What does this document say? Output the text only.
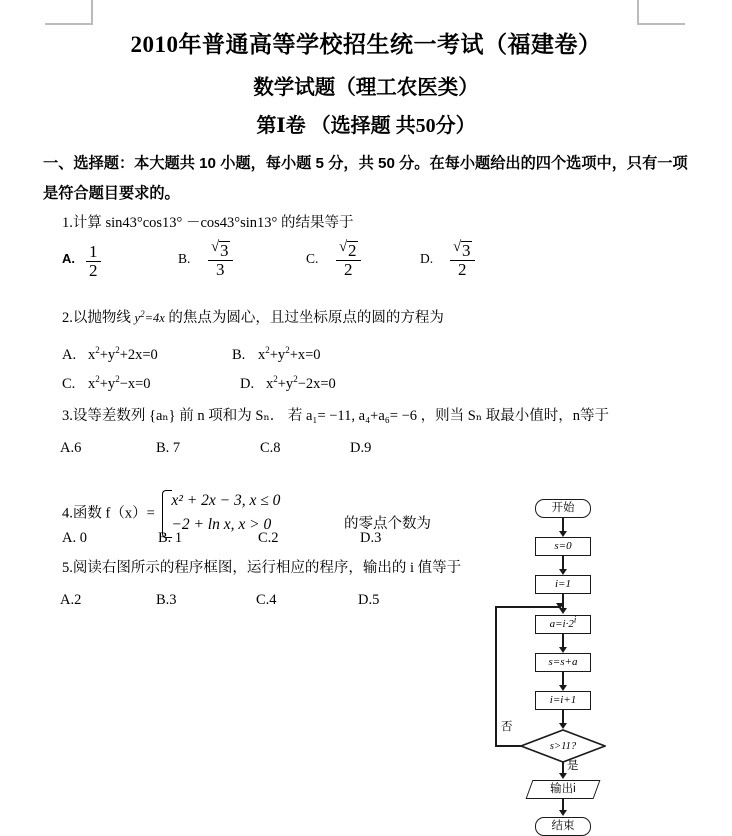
2010年普通高等学校招生统一考试（福建卷）
数学试题（理工农医类）
第Ⅰ卷 （选择题 共50分）
一、选择题：本大题共 10 小题，每小题 5 分，共 50 分。在每小题给出的四个选项中，只有一项是符合题目要求的。
1.计算 sin43°cos13° －cos43°sin13° 的结果等于
A. $\frac{1}{2}$	B. √ $\frac{3}{3}$	C. √ $\frac{2}{2}$	D. √ $\frac{3}{2}$
2.以抛物线 $y^2=4x$ 的焦点为圆心，且过坐标原点的圆的方程为
A. $x^2+y^2+2x=0$	B. $x^2+y^2+x=0$
C. $x^2+y^2-x=0$	D. $x^2+y^2-2x=0$
3.设等差数列 {aₙ} 前 n 项和为 Sₙ． 若 a₁= −11, a₄+a₆= −6 ，则当 Sₙ 取最小值时，n等于
A.6	B. 7	C.8	D.9
4.函数 f（x）=
x² + 2x − 3, x ≤ 0
−2 + ln x, x > 0	的零点个数为
A. 0	B. 1	C.2	D.3
5.阅读右图所示的程序框图，运行相应的程序，输出的 i 值等于
A.2	B.3	C.4	D.5
开始
s=0
i=1
$a=i\cdot 2^i$
s=s+a
i=i+1
s>11?
否
是
输出i
结束
